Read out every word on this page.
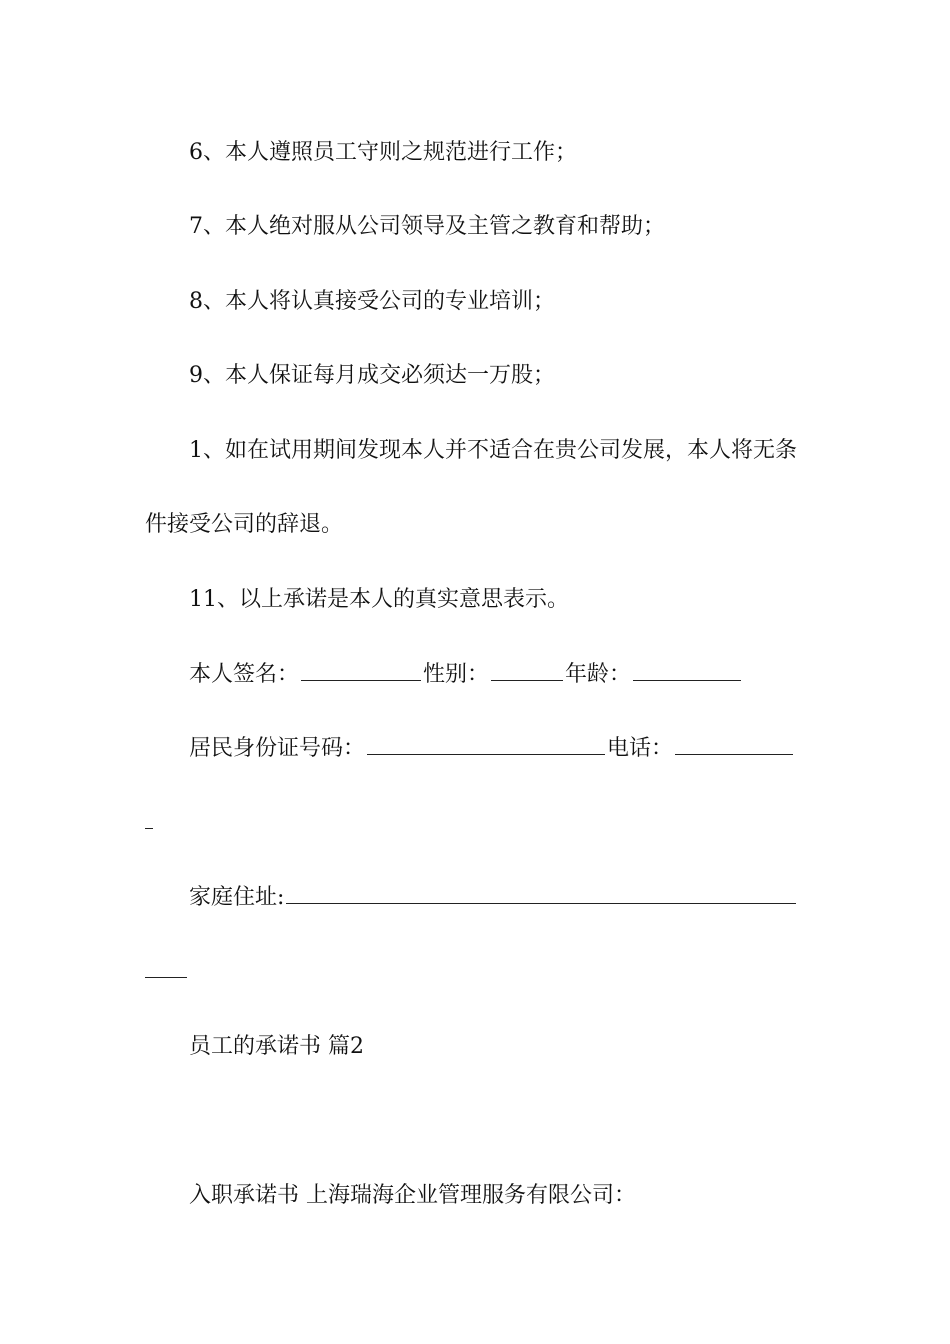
6、本人遵照员工守则之规范进行工作；
7、本人绝对服从公司领导及主管之教育和帮助；
8、本人将认真接受公司的专业培训；
9、本人保证每月成交必须达一万股；
1、如在试用期间发现本人并不适合在贵公司发展，本人将无条
件接受公司的辞退。
11、以上承诺是本人的真实意思表示。
本人签名：	性别：	年龄：
居民身份证号码：	电话：
家庭住址:
员工的承诺书 篇2
入职承诺书 上海瑞海企业管理服务有限公司：
